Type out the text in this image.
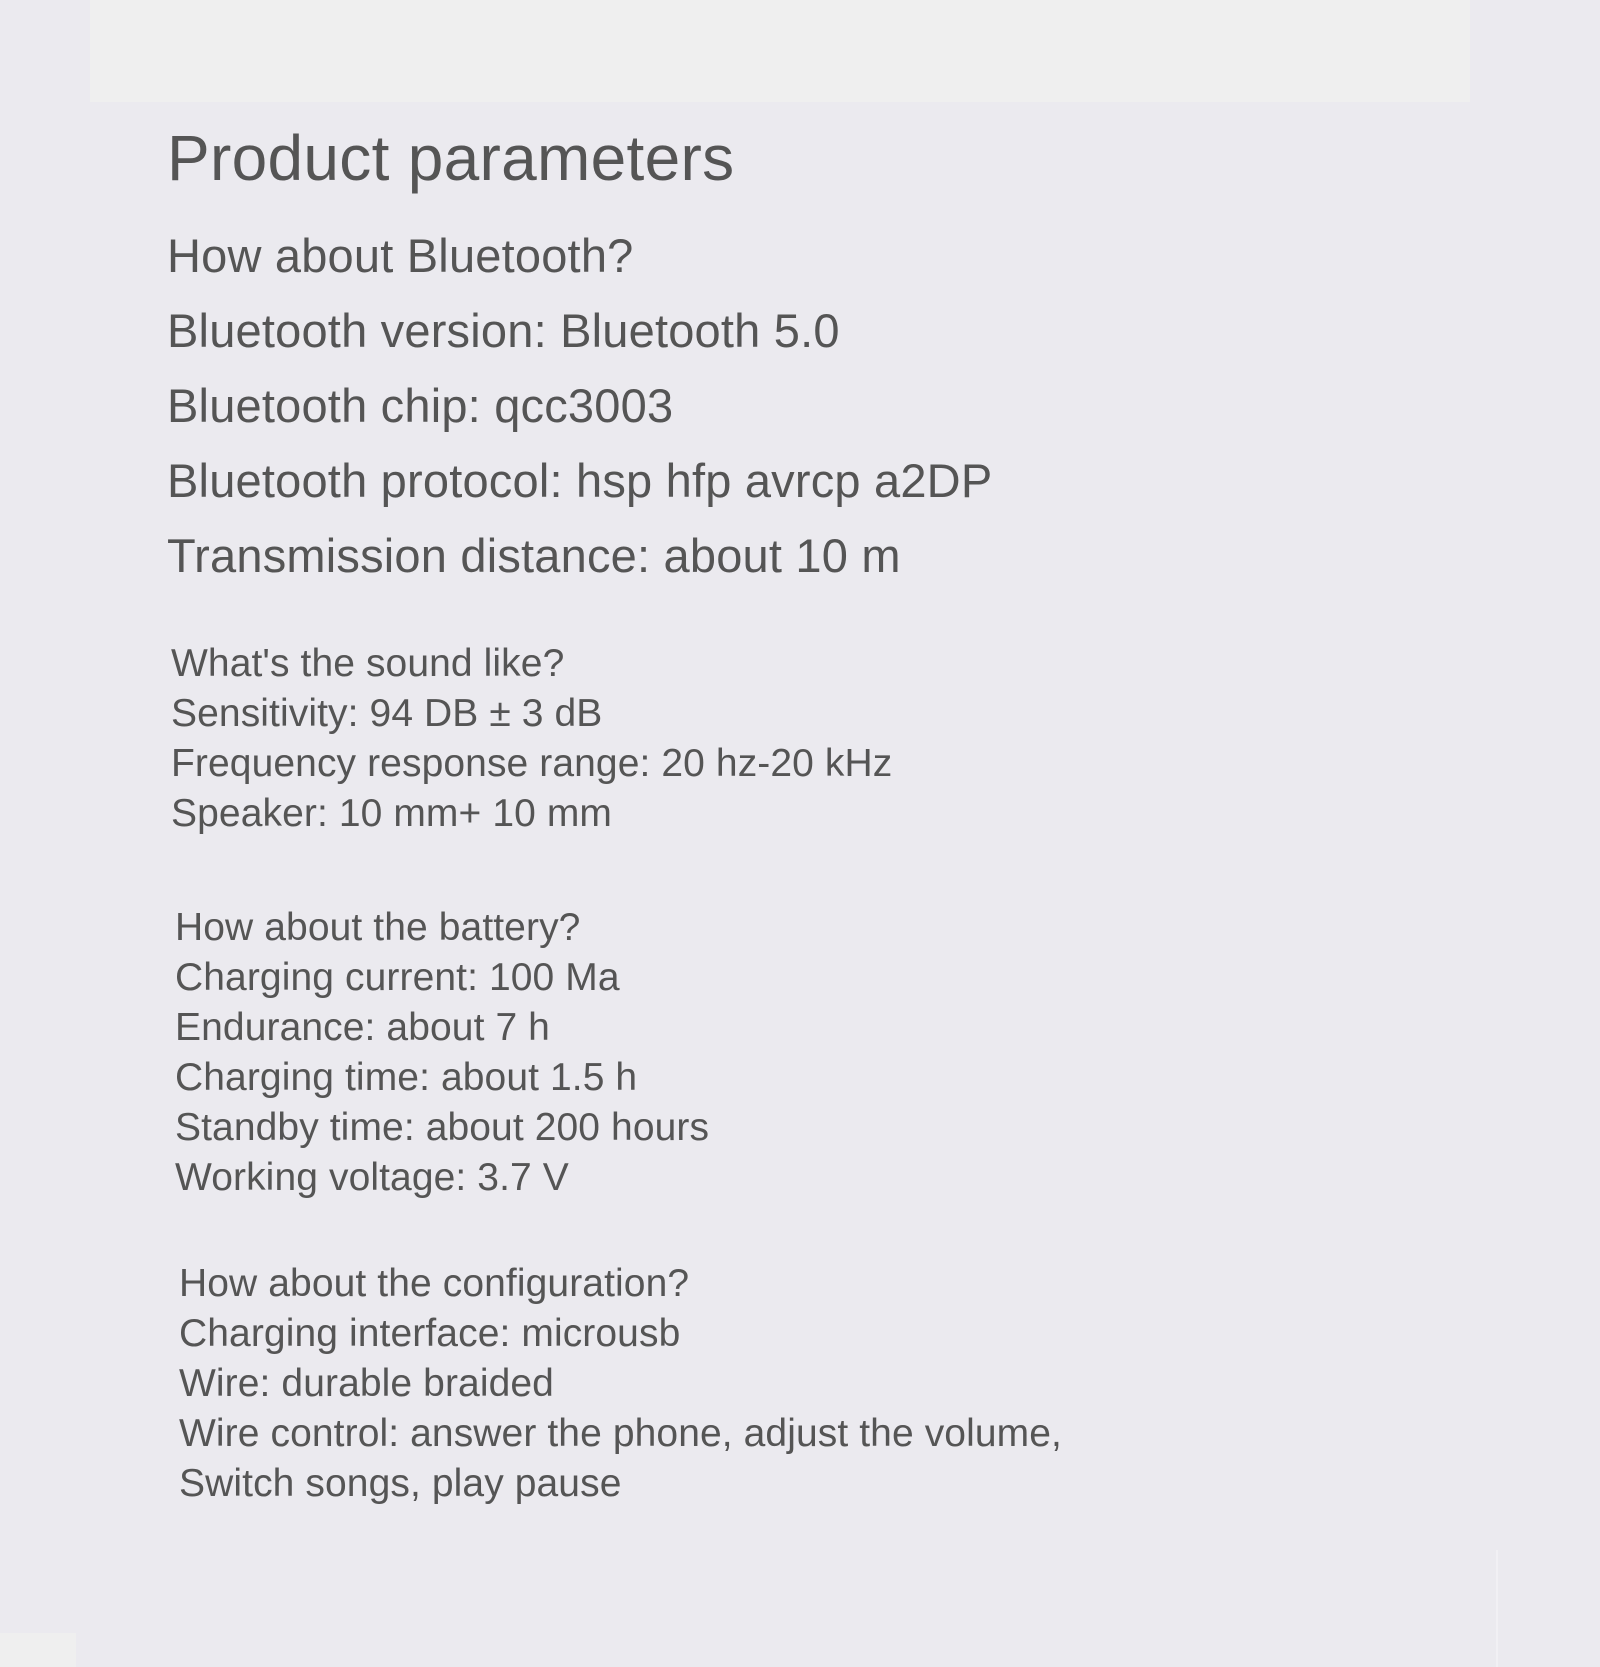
Product parameters
How about Bluetooth?
Bluetooth version: Bluetooth 5.0
Bluetooth chip: qcc3003
Bluetooth protocol: hsp hfp avrcp a2DP
Transmission distance: about 10 m
What's the sound like?
Sensitivity: 94 DB ± 3 dB
Frequency response range: 20 hz-20 kHz
Speaker: 10 mm+ 10 mm
How about the battery?
Charging current: 100 Ma
Endurance: about 7 h
Charging time: about 1.5 h
Standby time: about 200 hours
Working voltage: 3.7 V
How about the configuration?
Charging interface: microusb
Wire: durable braided
Wire control: answer the phone, adjust the volume,
Switch songs, play pause
